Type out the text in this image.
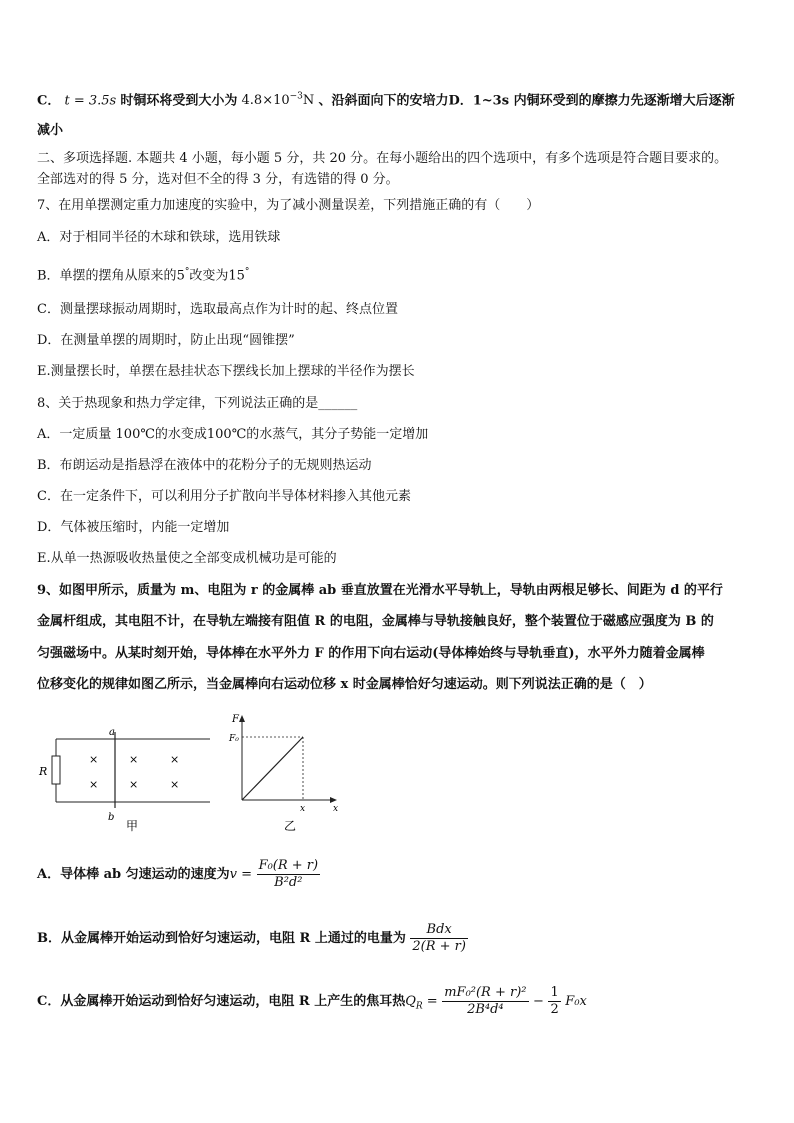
C． t = 3.5s 时铜环将受到大小为 $4.8\times 10^{-3}N$ 、沿斜面向下的安培力D．1~3s 内铜环受到的摩擦力先逐渐增大后逐渐
减小
二、多项选择题. 本题共 4 小题，每小题 5 分，共 20 分。在每小题给出的四个选项中，有多个选项是符合题目要求的。
全部选对的得 5 分，选对但不全的得 3 分，有选错的得 0 分。
7、在用单摆测定重力加速度的实验中，为了减小测量误差，下列措施正确的有（　　）
A．对于相同半径的木球和铁球，选用铁球
B．单摆的摆角从原来的5°改变为15°
C．测量摆球振动周期时，选取最高点作为计时的起、终点位置
D．在测量单摆的周期时，防止出现“圆锥摆”
E.测量摆长时，单摆在悬挂状态下摆线长加上摆球的半径作为摆长
8、关于热现象和热力学定律，下列说法正确的是______
A．一定质量 100℃的水变成100℃的水蒸气，其分子势能一定增加
B．布朗运动是指悬浮在液体中的花粉分子的无规则热运动
C．在一定条件下，可以利用分子扩散向半导体材料掺入其他元素
D．气体被压缩时，内能一定增加
E.从单一热源吸收热量使之全部变成机械功是可能的
9、如图甲所示，质量为 m、电阻为 r 的金属棒 ab 垂直放置在光滑水平导轨上，导轨由两根足够长、间距为 d 的平行
金属杆组成，其电阻不计，在导轨左端接有阻值 R 的电阻，金属棒与导轨接触良好，整个装置位于磁感应强度为 B 的
匀强磁场中。从某时刻开始，导体棒在水平外力 F 的作用下向右运动(导体棒始终与导轨垂直)，水平外力随着金属棒
位移变化的规律如图乙所示，当金属棒向右运动位移 x 时金属棒恰好匀速运动。则下列说法正确的是（　）
R
a
b
×	×	×
×	×	×
甲
F
F₀
x	x
乙
A．导体棒 ab 匀速运动的速度为$v = \frac{\text{F₀(R + r)}}{\text{B²d²}}$
B．从金属棒开始运动到恰好匀速运动，电阻 R 上通过的电量为 $\frac{\text{Bdx}}{2(R + r)}$
C．从金属棒开始运动到恰好匀速运动，电阻 R 上产生的焦耳热$Q_R = \frac{\text{mF₀²(R + r)²}}{\text{2B⁴d⁴}} - \frac{1}{2} F_0x$
